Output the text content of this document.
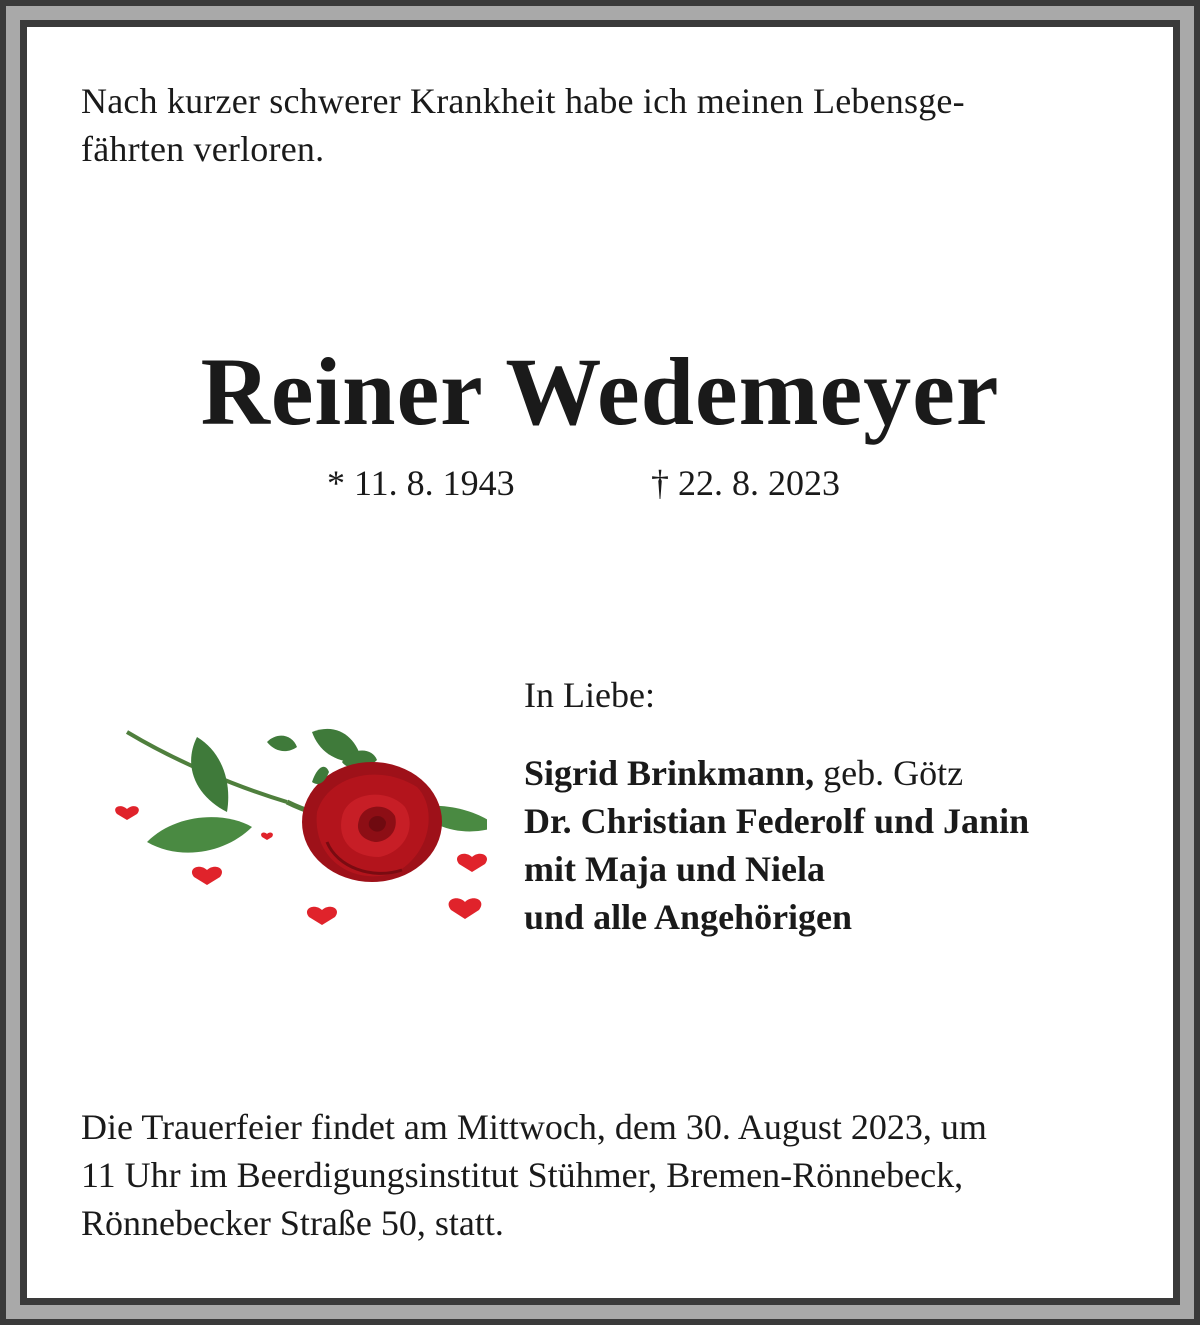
Nach kurzer schwerer Krankheit habe ich meinen Lebensge-
fährten verloren.

Reiner Wedemeyer
* 11. 8. 1943	† 22. 8. 2023
In Liebe:
Sigrid Brinkmann, geb. Götz
Dr. Christian Federolf und Janin
mit Maja und Niela
und alle Angehörigen

Die Trauerfeier findet am Mittwoch, dem 30. August 2023, um
11 Uhr im Beerdigungsinstitut Stühmer, Bremen-Rönnebeck,
Rönnebecker Straße 50, statt.
